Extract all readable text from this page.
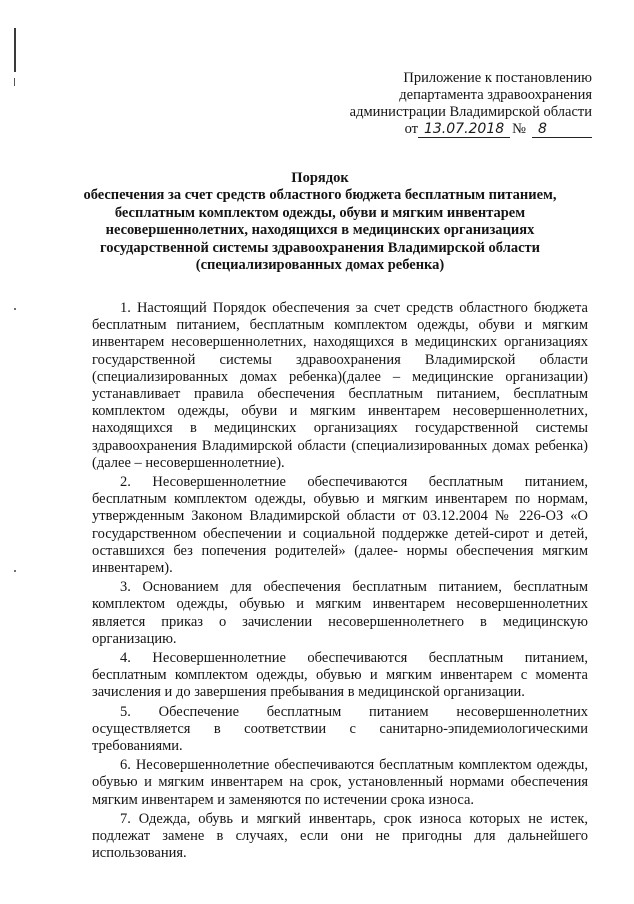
Приложение к постановлению
департамента здравоохранения
администрации Владимирской области
от 13.07.2018 № 8
Порядок
обеспечения за счет средств областного бюджета бесплатным питанием,
бесплатным комплектом одежды, обуви и мягким инвентарем
несовершеннолетних, находящихся в медицинских организациях
государственной системы здравоохранения Владимирской области
(специализированных домах ребенка)

1. Настоящий Порядок обеспечения за счет средств областного бюджета бесплатным питанием, бесплатным комплектом одежды, обуви и мягким инвентарем несовершеннолетних, находящихся в медицинских организациях государственной системы здравоохранения Владимирской области (специализированных домах ребенка)(далее – медицинские организации) устанавливает правила обеспечения бесплатным питанием, бесплатным комплектом одежды, обуви и мягким инвентарем несовершеннолетних, находящихся в медицинских организациях государственной системы здравоохранения Владимирской области (специализированных домах ребенка)(далее – несовершеннолетние).

2. Несовершеннолетние обеспечиваются бесплатным питанием, бесплатным комплектом одежды, обувью и мягким инвентарем по нормам, утвержденным Законом Владимирской области от 03.12.2004 № 226-ОЗ «О государственном обеспечении и социальной поддержке детей-сирот и детей, оставшихся без попечения родителей» (далее- нормы обеспечения мягким инвентарем).

3. Основанием для обеспечения бесплатным питанием, бесплатным комплектом одежды, обувью и мягким инвентарем несовершеннолетних является приказ о зачислении несовершеннолетнего в медицинскую организацию.

4. Несовершеннолетние обеспечиваются бесплатным питанием, бесплатным комплектом одежды, обувью и мягким инвентарем с момента зачисления и до завершения пребывания в медицинской организации.

5. Обеспечение бесплатным питанием несовершеннолетних осуществляется в соответствии с санитарно-эпидемиологическими требованиями.

6. Несовершеннолетние обеспечиваются бесплатным комплектом одежды, обувью и мягким инвентарем на срок, установленный нормами обеспечения мягким инвентарем и заменяются по истечении срока износа.

7. Одежда, обувь и мягкий инвентарь, срок износа которых не истек, подлежат замене в случаях, если они не пригодны для дальнейшего использования.
